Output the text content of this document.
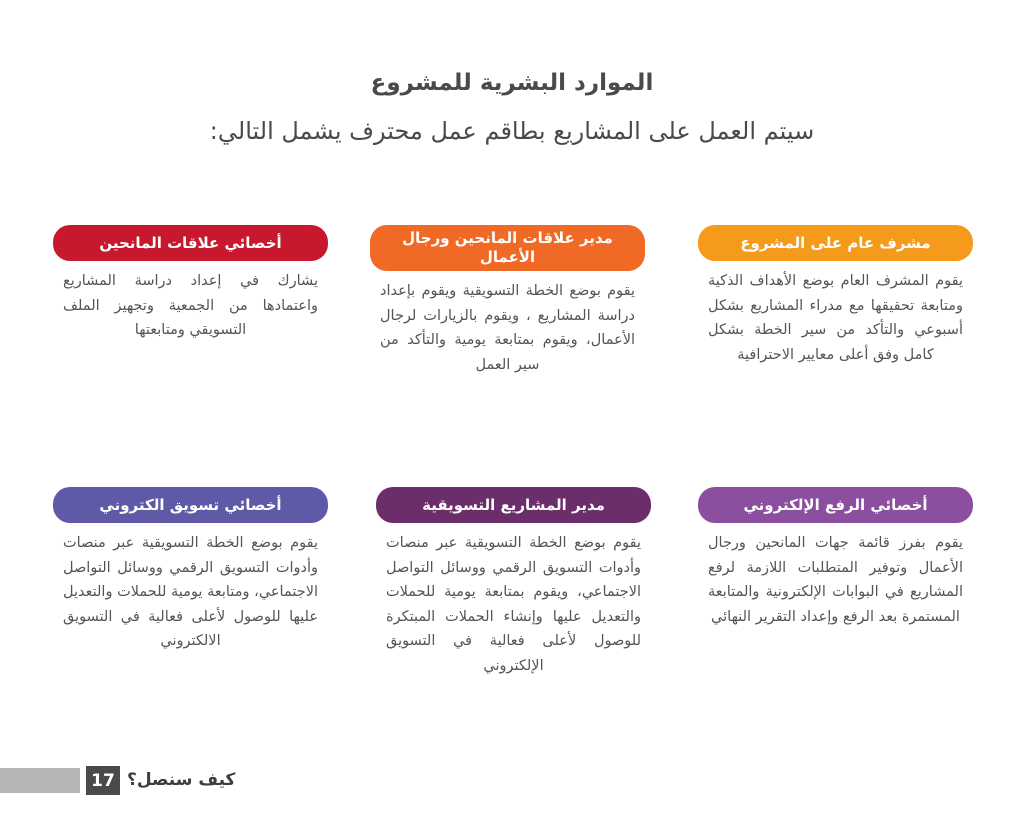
الموارد البشرية للمشروع
سيتم العمل على المشاريع بطاقم عمل محترف يشمل التالي:
مشرف عام على المشروع
يقوم المشرف العام بوضع الأهداف الذكية ومتابعة تحقيقها مع مدراء المشاريع بشكل أسبوعي والتأكد من سير الخطة بشكل كامل وفق أعلى معايير الاحترافية
مدير علاقات المانحين ورجال الأعمال
يقوم بوضع الخطة التسويقية ويقوم بإعداد دراسة المشاريع ، ويقوم بالزيارات لرجال الأعمال، ويقوم بمتابعة يومية والتأكد من سير العمل
أخصائي علاقات المانحين
يشارك في إعداد دراسة المشاريع واعتمادها من الجمعية وتجهيز الملف التسويقي ومتابعتها
أخصائي الرفع الإلكتروني
يقوم بفرز قائمة جهات المانحين ورجال الأعمال وتوفير المتطلبات اللازمة لرفع المشاريع في البوابات الإلكترونية والمتابعة المستمرة بعد الرفع وإعداد التقرير النهائي
مدير المشاريع التسويقية
يقوم بوضع الخطة التسويقية عبر منصات وأدوات التسويق الرقمي ووسائل التواصل الاجتماعي، ويقوم بمتابعة يومية للحملات والتعديل عليها وإنشاء الحملات المبتكرة للوصول لأعلى فعالية في التسويق الإلكتروني
أخصائي تسويق الكتروني
يقوم بوضع الخطة التسويقية عبر منصات وأدوات التسويق الرقمي ووسائل التواصل الاجتماعي، ومتابعة يومية للحملات والتعديل عليها للوصول لأعلى فعالية في التسويق الالكتروني
17 كيف سنصل؟
